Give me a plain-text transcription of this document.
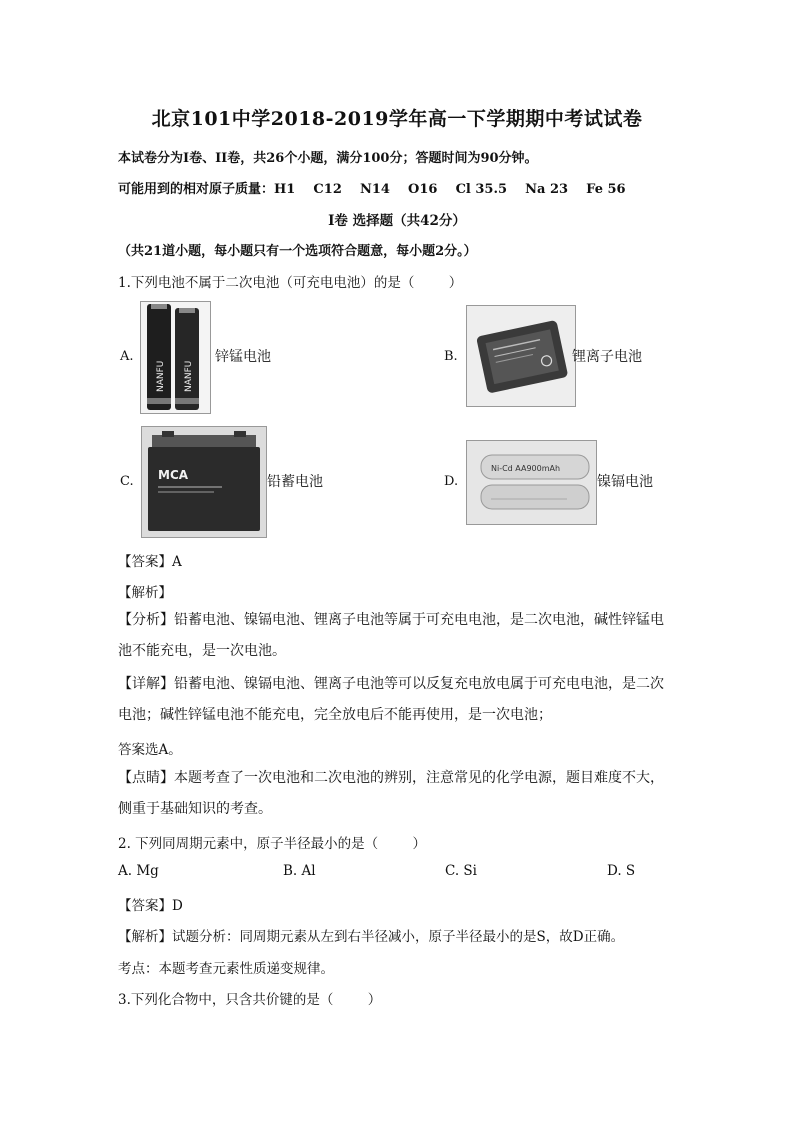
北京101中学2018-2019学年高一下学期期中考试试卷
本试卷分为I卷、II卷，共26个小题，满分100分；答题时间为90分钟。
可能用到的相对原子质量：H1    C12    N14    O16    Cl 35.5    Na 23    Fe 56
I卷 选择题（共42分）
（共21道小题，每小题只有一个选项符合题意，每小题2分。）
1.下列电池不属于二次电池（可充电电池）的是（        ）
A.
NANFU NANFU
锌锰电池	B.	锂离子电池
C. MCA	铅蓄电池	D.
Ni-Cd AA900mAh
镍镉电池
【答案】A
【解析】
【分析】铅蓄电池、镍镉电池、锂离子电池等属于可充电电池，是二次电池，碱性锌锰电池不能充电，是一次电池。
【详解】铅蓄电池、镍镉电池、锂离子电池等可以反复充电放电属于可充电电池，是二次电池；碱性锌锰电池不能充电，完全放电后不能再使用，是一次电池；
答案选A。
【点睛】本题考查了一次电池和二次电池的辨别，注意常见的化学电源，题目难度不大，侧重于基础知识的考查。
2. 下列同周期元素中，原子半径最小的是（        ）
A. Mg	B. Al	C. Si	D. S
【答案】D
【解析】试题分析：同周期元素从左到右半径减小，原子半径最小的是S，故D正确。
考点：本题考查元素性质递变规律。
3.下列化合物中，只含共价键的是（        ）
